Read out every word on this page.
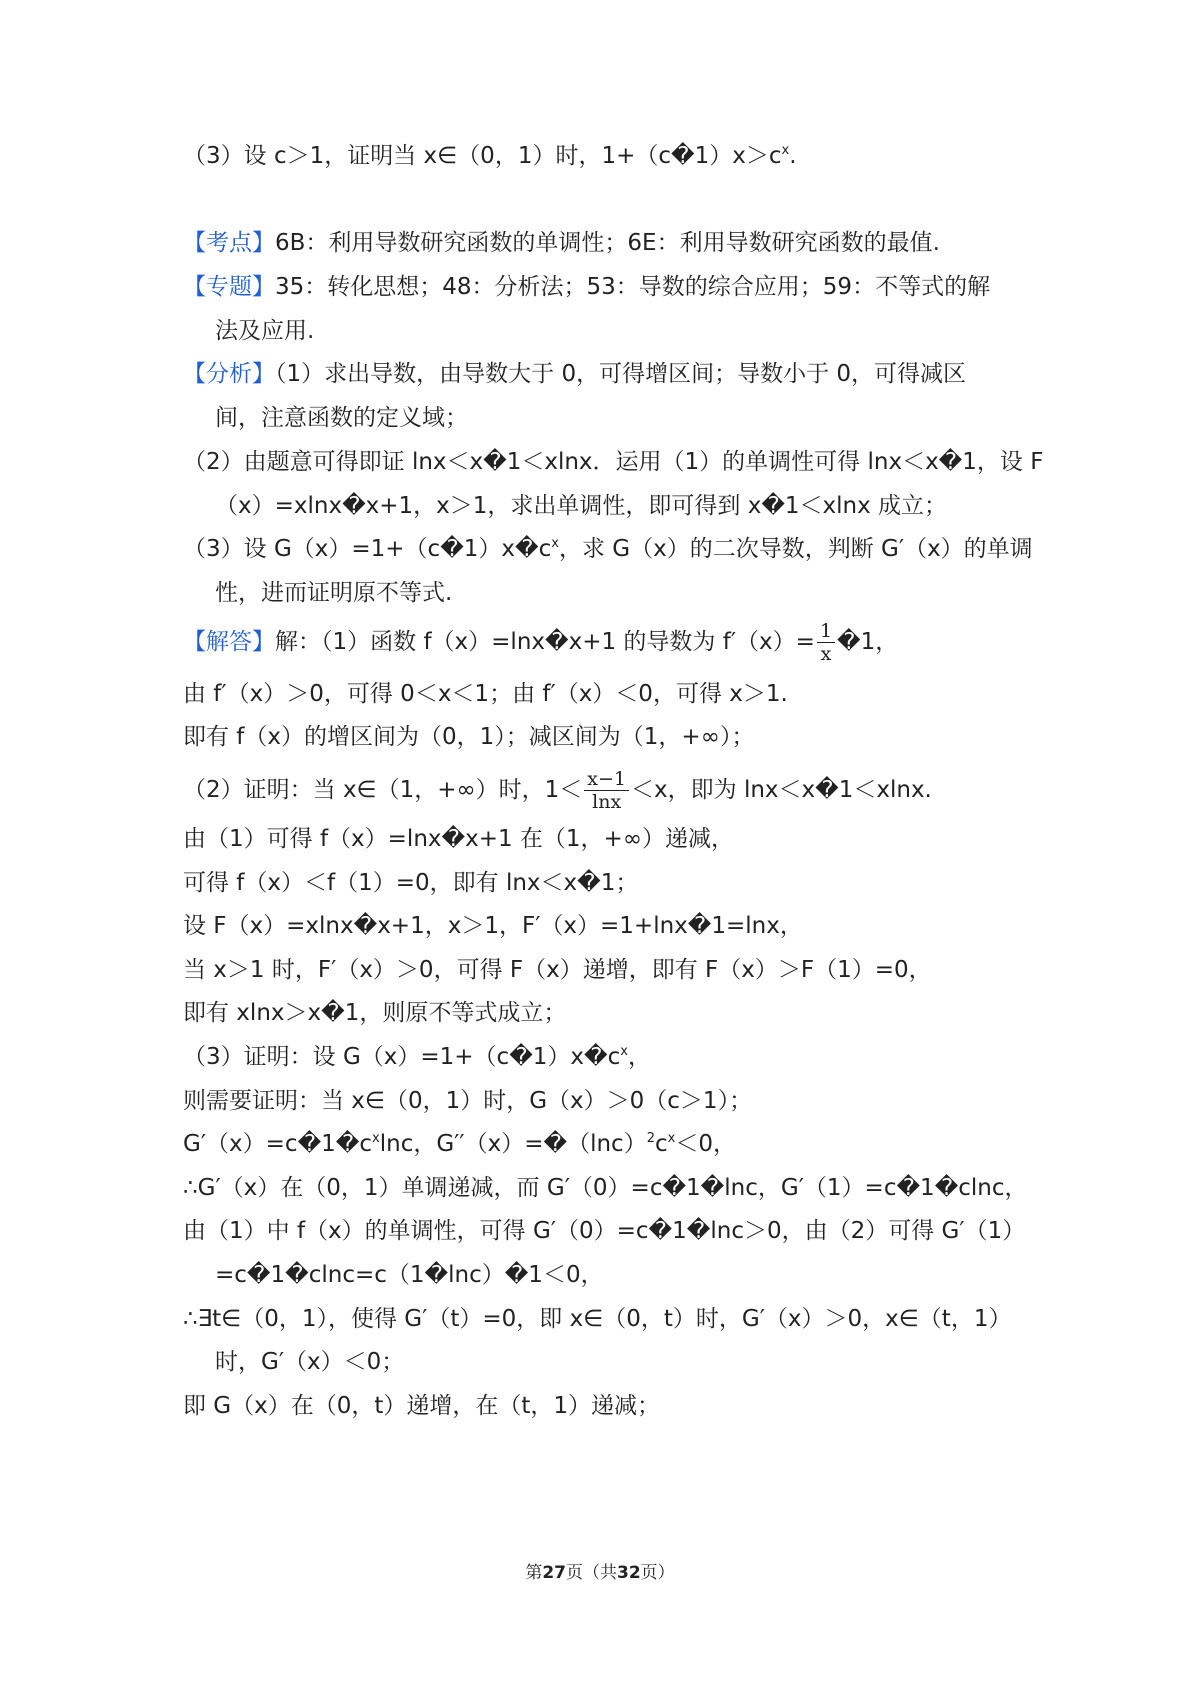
（3）设 c＞1，证明当 x∈（0，1）时，$1+(c�1)x>c^x$.
【考点】6B：利用导数研究函数的单调性；6E：利用导数研究函数的最值.
【专题】35：转化思想；48：分析法；53：导数的综合应用；59：不等式的解
法及应用.
【分析】（1）求出导数，由导数大于 0，可得增区间；导数小于 0，可得减区
间，注意函数的定义域；
（2）由题意可得即证 lnx＜x�1＜xlnx．运用（1）的单调性可得 lnx＜x�1，设 F
（x）=xlnx�x+1，x＞1，求出单调性，即可得到 x�1＜xlnx 成立；
（3）设 $G(x)=1+(c�1)x�c^x$，求 G（x）的二次导数，判断 G′（x）的单调
性，进而证明原不等式.
【解答】解：（1）函数 f（x）=lnx�x+1 的导数为 $f'(x)= \frac{1}{x}$ �1，
由 f′（x）＞0，可得 0＜x＜1；由 f′（x）＜0，可得 x＞1.
即有 f（x）的增区间为（0，1）；减区间为（1，+∞）；
（2）证明：当 x∈（1，+∞）时，$1< \frac{x-1}{\ln x} <x$，即为 lnx＜x�1＜xlnx.
由（1）可得 f（x）=lnx�x+1 在（1，+∞）递减，
可得 f（x）＜f（1）=0，即有 lnx＜x�1；
设 F（x）=xlnx�x+1，x＞1，F′（x）=1+lnx�1=lnx，
当 x＞1 时，F′（x）＞0，可得 F（x）递增，即有 F（x）＞F（1）=0，
即有 xlnx＞x�1，则原不等式成立；
（3）证明：设 $G(x)=1+(c�1)x�c^x$，
则需要证明：当 x∈（0，1）时，G（x）＞0（c＞1）；
$G'(x)=c�1�c^x\ln c$，$G''(x)=�(\ln c)^2c^x<0$，
∴G′（x）在（0，1）单调递减，而 G′（0）=c�1�lnc，G′（1）=c�1�clnc，
由（1）中 f（x）的单调性，可得 G′（0）=c�1�lnc＞0，由（2）可得 G′（1）
=c�1�clnc=c（1�lnc）�1＜0，
∴∃t∈（0，1），使得 G′（t）=0，即 x∈（0，t）时，G′（x）＞0，x∈（t，1）
时，G′（x）＜0；
即 G（x）在（0，t）递增，在（t，1）递减；
第27页（共32页）
